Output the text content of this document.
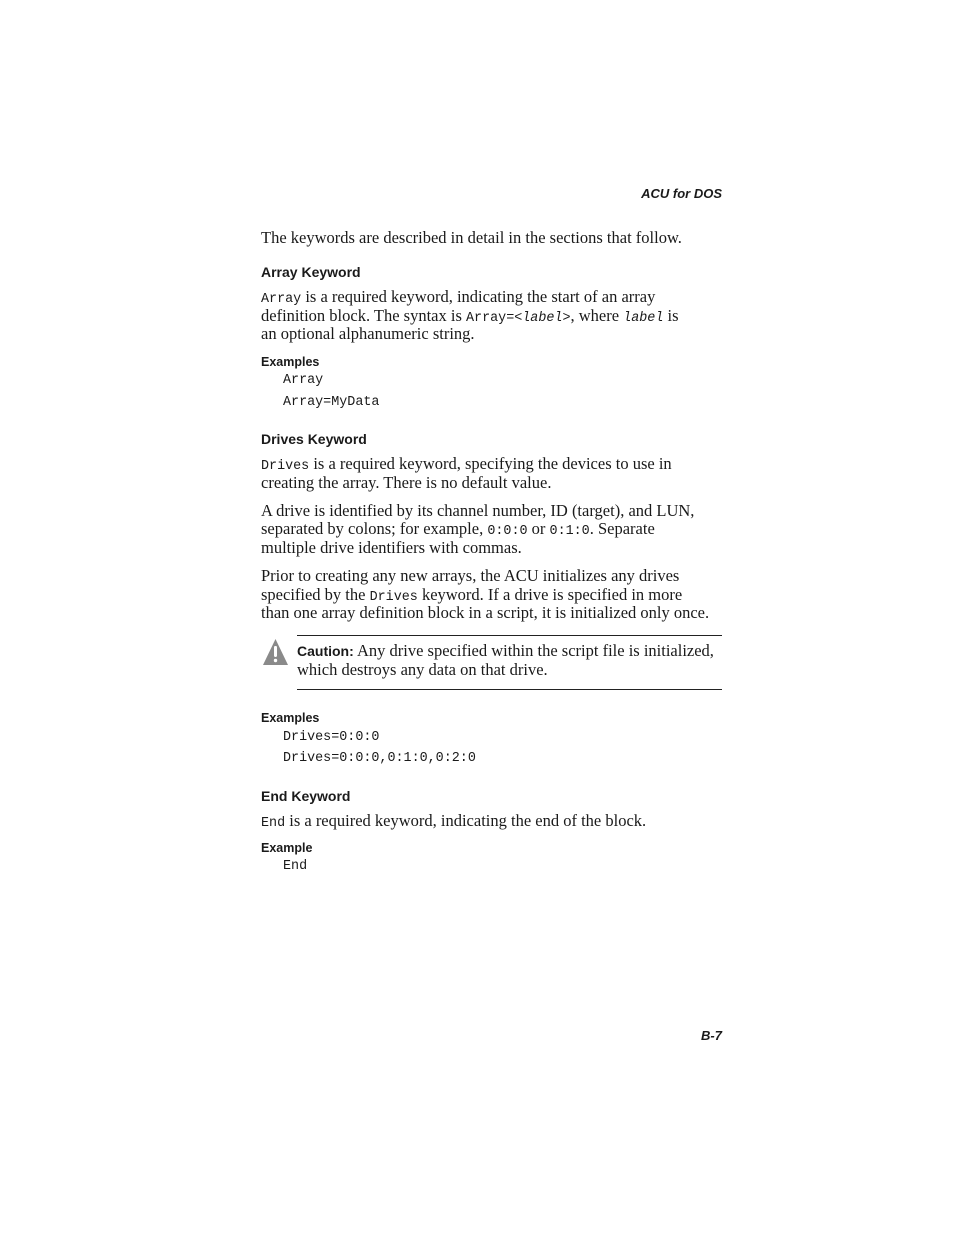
ACU for DOS
The keywords are described in detail in the sections that follow.
Array Keyword
Array is a required keyword, indicating the start of an array
definition block. The syntax is Array=<label>, where label is
an optional alphanumeric string.
Examples
Array
Array=MyData
Drives Keyword
Drives is a required keyword, specifying the devices to use in
creating the array. There is no default value.
A drive is identified by its channel number, ID (target), and LUN,
separated by colons; for example, 0:0:0 or 0:1:0. Separate
multiple drive identifiers with commas.
Prior to creating any new arrays, the ACU initializes any drives
specified by the Drives keyword. If a drive is specified in more
than one array definition block in a script, it is initialized only once.
Caution: Any drive specified within the script file is initialized,
which destroys any data on that drive.
Examples
Drives=0:0:0
Drives=0:0:0,0:1:0,0:2:0
End Keyword
End is a required keyword, indicating the end of the block.
Example
End
B-7
